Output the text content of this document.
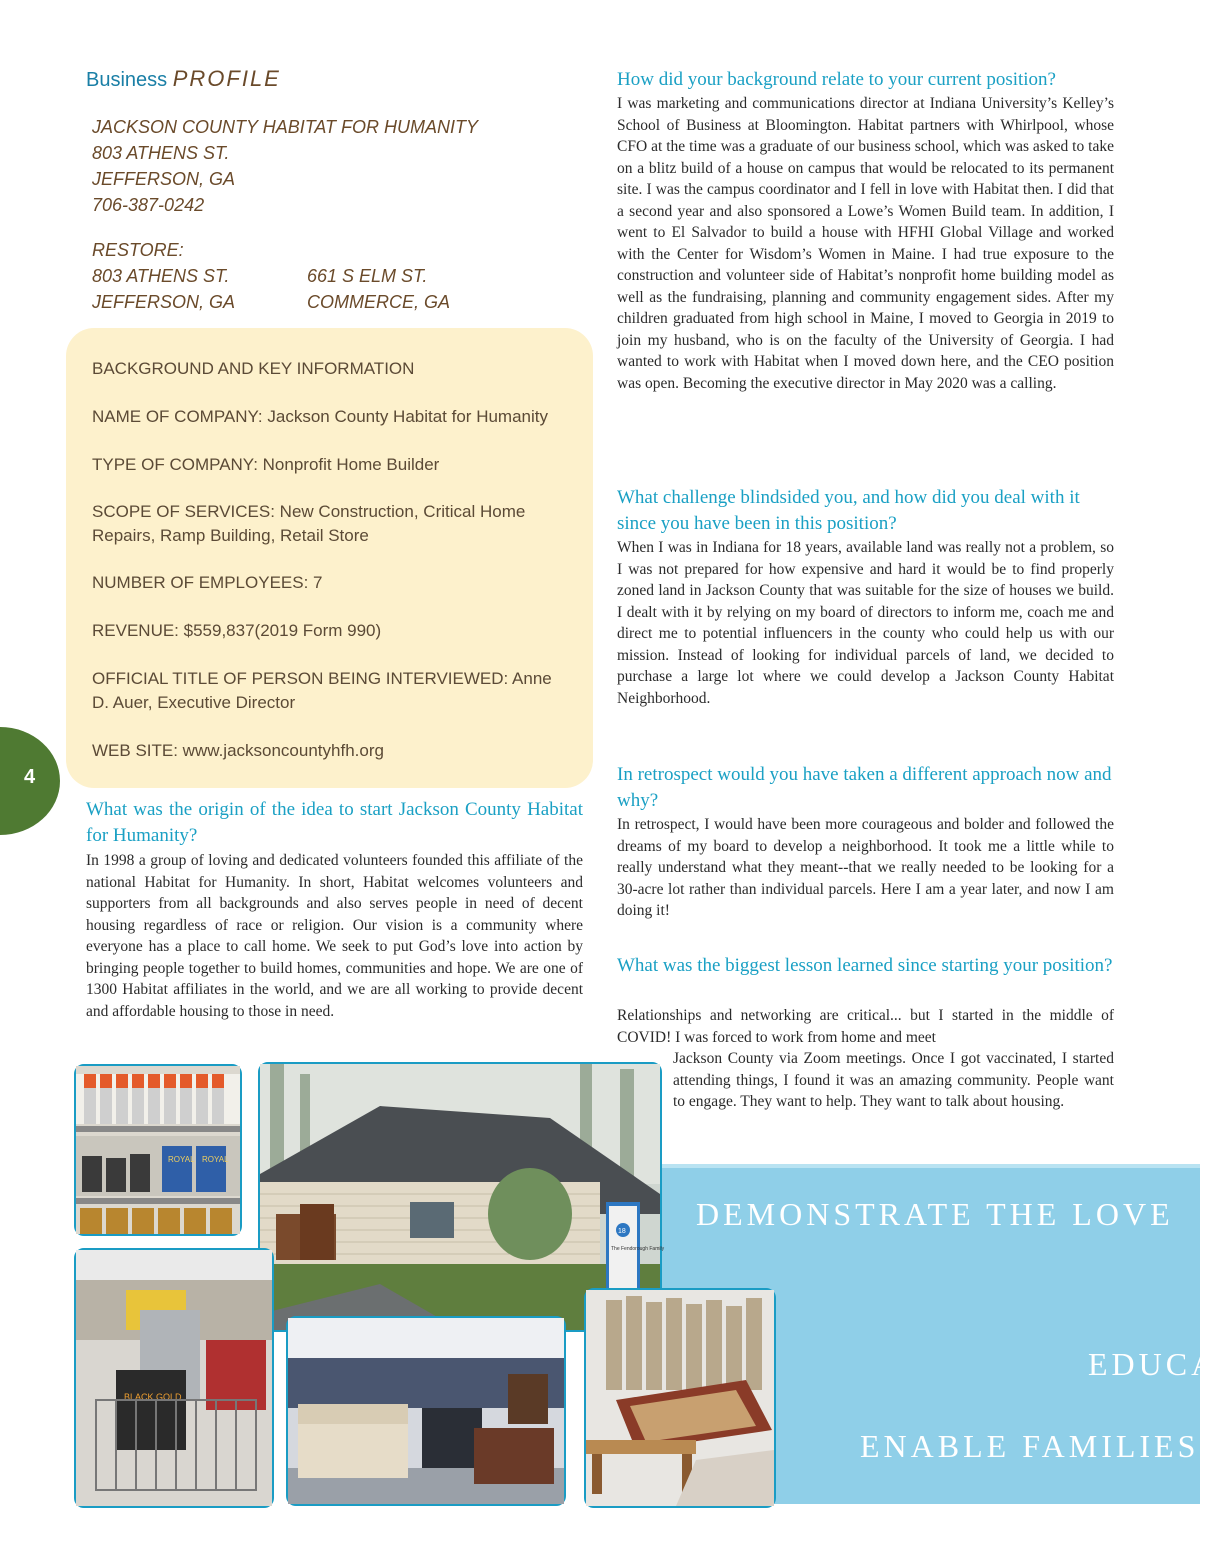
Business PROFILE
JACKSON COUNTY HABITAT FOR HUMANITY
803 ATHENS ST.
JEFFERSON, GA
706-387-0242
RESTORE:
803 ATHENS ST.
JEFFERSON, GA
661 S ELM ST.
COMMERCE, GA
BACKGROUND AND KEY INFORMATION
NAME OF COMPANY: Jackson County Habitat for Humanity
TYPE OF COMPANY: Nonprofit Home Builder
SCOPE OF SERVICES: New Construction, Critical Home Repairs, Ramp Building, Retail Store
NUMBER OF EMPLOYEES: 7
REVENUE: $559,837(2019 Form 990)
OFFICIAL TITLE OF PERSON BEING INTERVIEWED: Anne D. Auer, Executive Director
WEB SITE: www.jacksoncountyhfh.org
4
What was the origin of the idea to start Jackson County Habitat for Humanity?
In 1998 a group of loving and dedicated volunteers founded this affiliate of the national Habitat for Humanity. In short, Habitat welcomes volunteers and supporters from all backgrounds and also serves people in need of decent housing regardless of race or religion. Our vision is a community where everyone has a place to call home. We seek to put God’s love into action by bringing people together to build homes, communities and hope. We are one of 1300 Habitat affiliates in the world, and we are all working to provide decent and affordable housing to those in need.
How did your background relate to your current position?
I was marketing and communications director at Indiana University’s Kelley’s School of Business at Bloomington. Habitat partners with Whirlpool, whose CFO at the time was a graduate of our business school, which was asked to take on a blitz build of a house on campus that would be relocated to its permanent site. I was the campus coordinator and I fell in love with Habitat then. I did that a second year and also sponsored a Lowe’s Women Build team. In addition, I went to El Salvador to build a house with HFHI Global Village and worked with the Center for Wisdom’s Women in Maine. I had true exposure to the construction and volunteer side of Habitat’s nonprofit home building model as well as the fundraising, planning and community engagement sides. After my children graduated from high school in Maine, I moved to Georgia in 2019 to join my husband, who is on the faculty of the University of Georgia. I had wanted to work with Habitat when I moved down here, and the CEO position was open. Becoming the executive director in May 2020 was a calling.
What challenge blindsided you, and how did you deal with it since you have been in this position?
When I was in Indiana for 18 years, available land was really not a problem, so I was not prepared for how expensive and hard it would be to find properly zoned land in Jackson County that was suitable for the size of houses we build. I dealt with it by relying on my board of directors to inform me, coach me and direct me to potential influencers in the county who could help us with our mission. Instead of looking for individual parcels of land, we decided to purchase a large lot where we could develop a Jackson County Habitat Neighborhood.
In retrospect would you have taken a different approach now and why?
In retrospect, I would have been more courageous and bolder and followed the dreams of my board to develop a neighborhood. It took me a little while to really understand what they meant--that we really needed to be looking for a 30-acre lot rather than individual parcels. Here I am a year later, and now I am doing it!
What was the biggest lesson learned since starting your position?
Relationships and networking are critical... but I started in the middle of COVID! I was forced to work from home and meet
Jackson County via Zoom meetings. Once I got vaccinated, I started attending things, I found it was an amazing community. People want to engage. They want to help. They want to talk about housing.
DEMONSTRATE THE LOVE
EDUCA
ENABLE FAMILIES
ROYAL ROYAL
18
The Fendorough Family
BLACK GOLD
